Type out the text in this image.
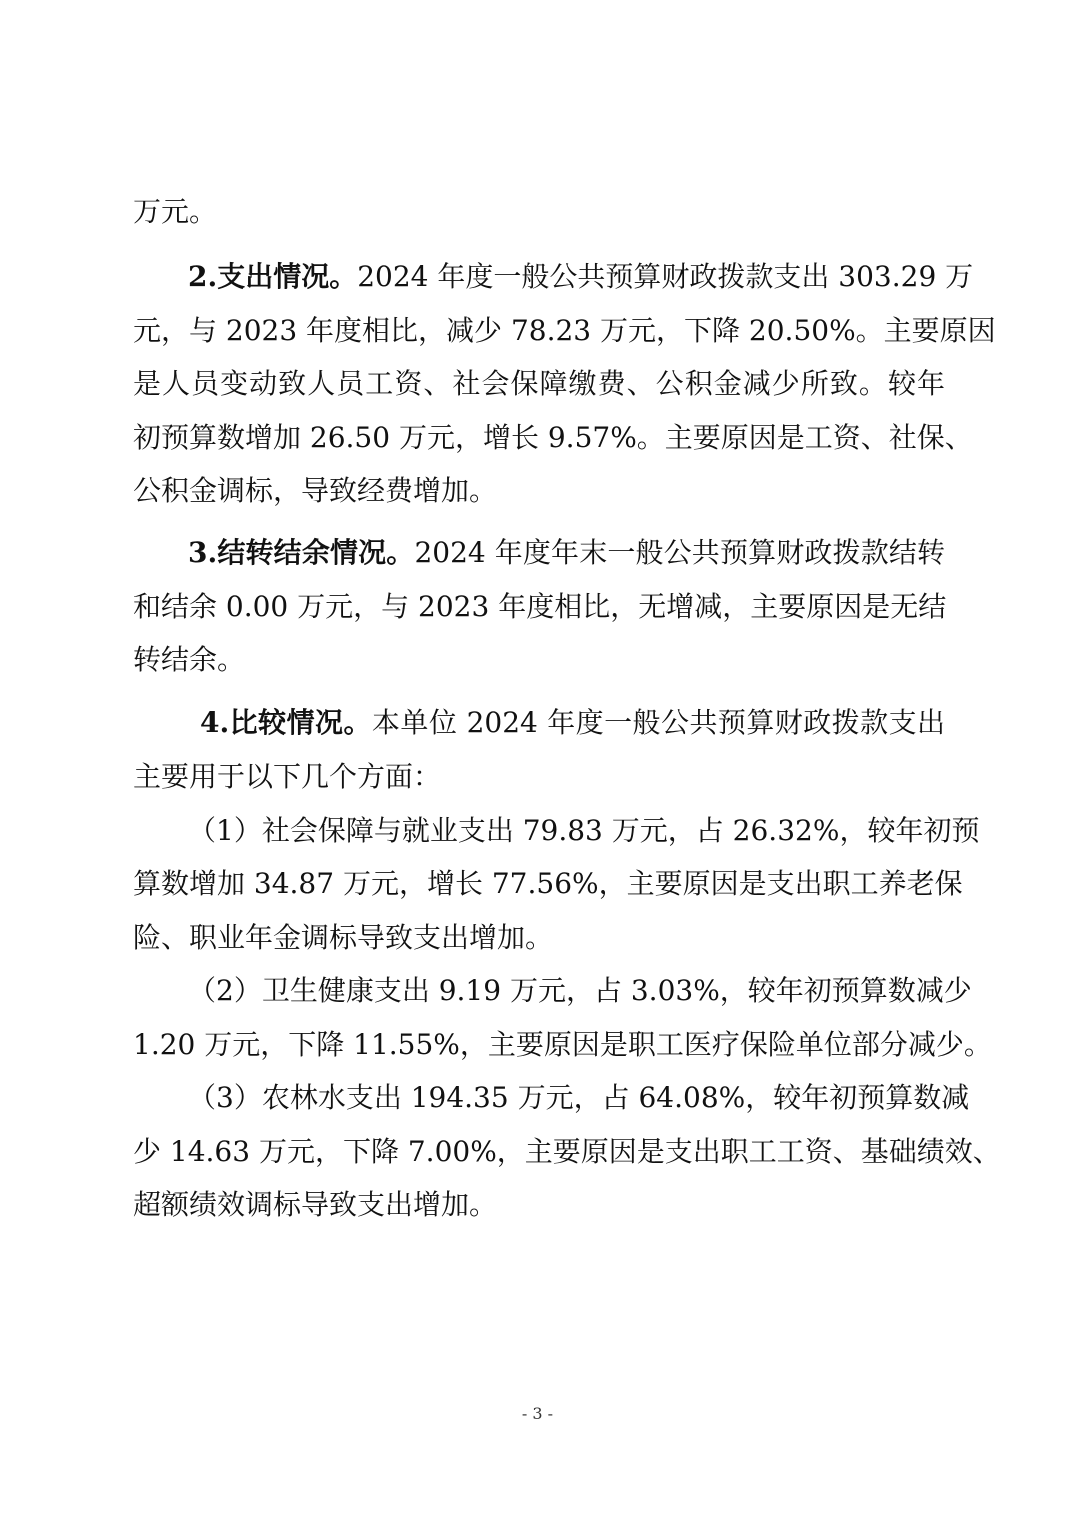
万元。
2.支出情况。2024 年度一般公共预算财政拨款支出 303.29 万
元，与 2023 年度相比，减少 78.23 万元，下降 20.50%。主要原因
是人员变动致人员工资、社会保障缴费、公积金减少所致。较年
初预算数增加 26.50 万元，增长 9.57%。主要原因是工资、社保、
公积金调标，导致经费增加。
3.结转结余情况。2024 年度年末一般公共预算财政拨款结转
和结余 0.00 万元，与 2023 年度相比，无增减，主要原因是无结
转结余。
4.比较情况。本单位 2024 年度一般公共预算财政拨款支出
主要用于以下几个方面：
（1）社会保障与就业支出 79.83 万元，占 26.32%，较年初预
算数增加 34.87 万元，增长 77.56%，主要原因是支出职工养老保
险、职业年金调标导致支出增加。
（2）卫生健康支出 9.19 万元，占 3.03%，较年初预算数减少
1.20 万元，下降 11.55%，主要原因是职工医疗保险单位部分减少。
（3）农林水支出 194.35 万元，占 64.08%，较年初预算数减
少 14.63 万元，下降 7.00%，主要原因是支出职工工资、基础绩效、
超额绩效调标导致支出增加。
- 3 -
